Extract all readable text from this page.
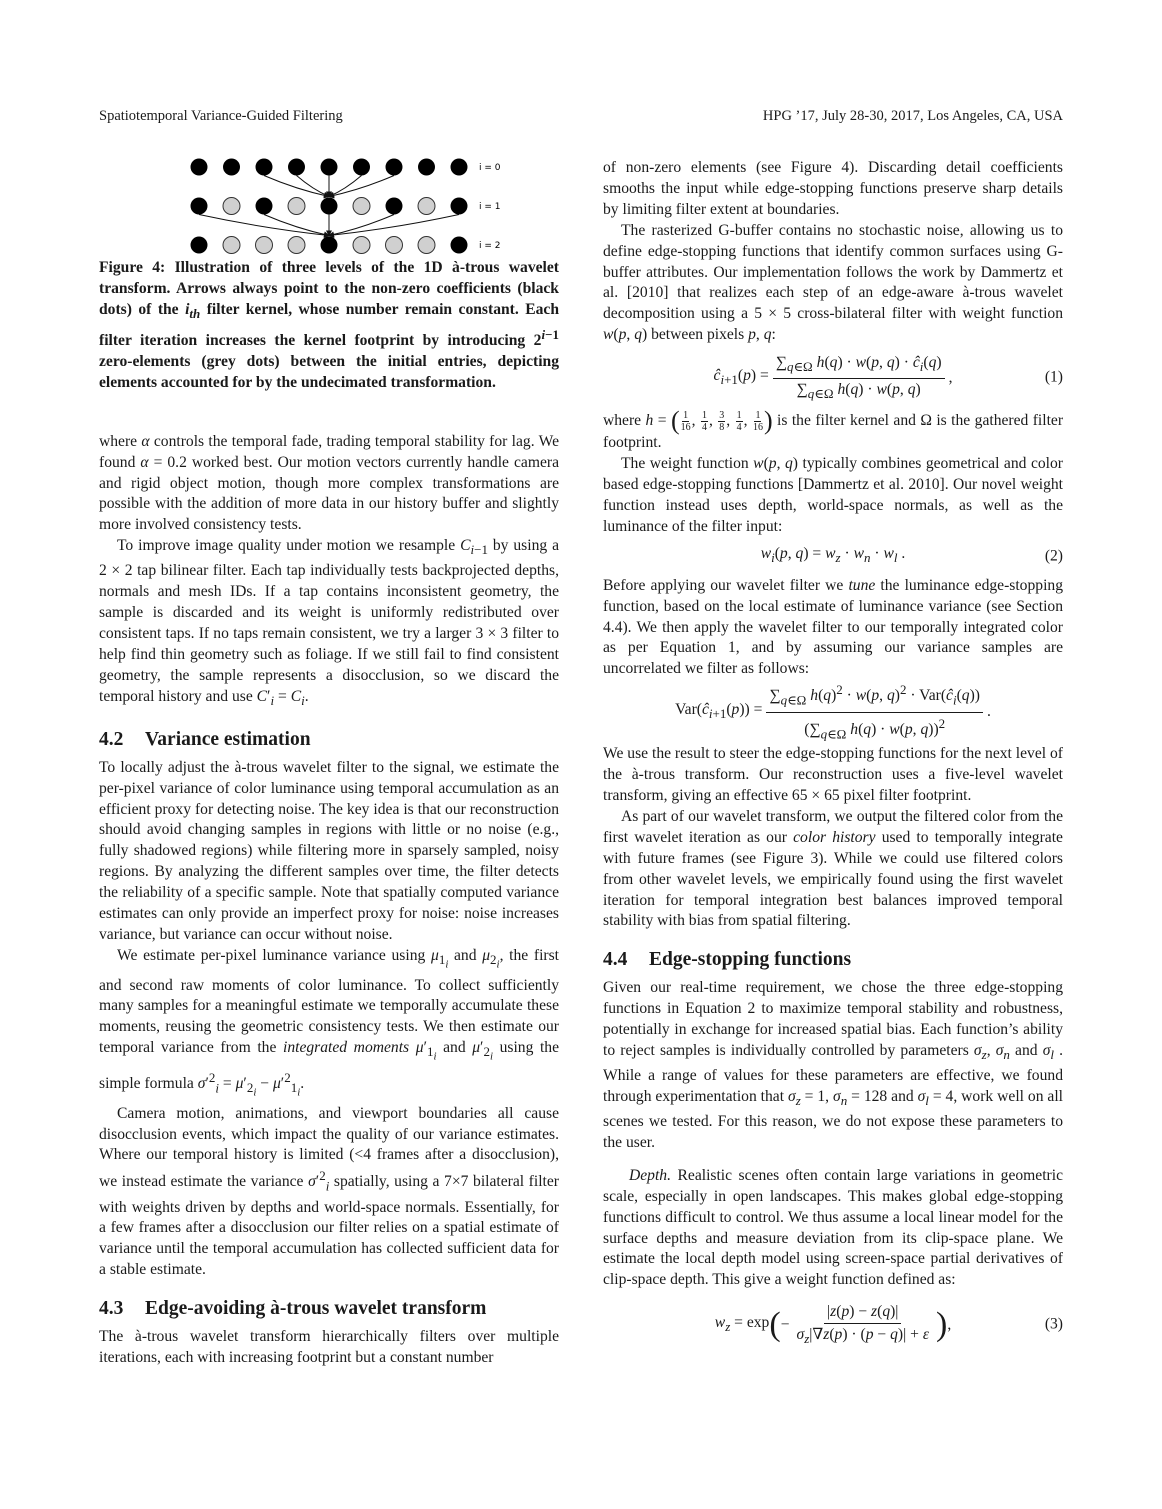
Spatiotemporal Variance-Guided Filtering	HPG ’17, July 28-30, 2017, Los Angeles, CA, USA
i = 0
i = 1
i = 2
Figure 4: Illustration of three levels of the 1D à-trous wavelet transform. Arrows always point to the non-zero coefficients (black dots) of the $i_{th}$ filter kernel, whose number remain constant. Each filter iteration increases the kernel footprint by introducing $2^{i-1}$ zero-elements (grey dots) between the initial entries, depicting elements accounted for by the undecimated transformation.

where α controls the temporal fade, trading temporal stability for lag. We found α = 0.2 worked best. Our motion vectors currently handle camera and rigid object motion, though more complex transformations are possible with the addition of more data in our history buffer and slightly more involved consistency tests.

To improve image quality under motion we resample $C_{i-1}$ by using a 2 × 2 tap bilinear filter. Each tap individually tests backprojected depths, normals and mesh IDs. If a tap contains inconsistent geometry, the sample is discarded and its weight is uniformly redistributed over consistent taps. If no taps remain consistent, we try a larger 3 × 3 filter to help find thin geometry such as foliage. If we still fail to find consistent geometry, the sample represents a disocclusion, so we discard the temporal history and use $C'_i = C_i$.

4.2 Variance estimation

To locally adjust the à-trous wavelet filter to the signal, we estimate the per-pixel variance of color luminance using temporal accumulation as an efficient proxy for detecting noise. The key idea is that our reconstruction should avoid changing samples in regions with little or no noise (e.g., fully shadowed regions) while filtering more in sparsely sampled, noisy regions. By analyzing the different samples over time, the filter detects the reliability of a specific sample. Note that spatially computed variance estimates can only provide an imperfect proxy for noise: noise increases variance, but variance can occur without noise.

We estimate per-pixel luminance variance using $\mu_{1_i}$ and $\mu_{2_i}$, the first and second raw moments of color luminance. To collect sufficiently many samples for a meaningful estimate we temporally accumulate these moments, reusing the geometric consistency tests. We then estimate our temporal variance from the integrated moments $\mu'_{1_i}$ and $\mu'_{2_i}$ using the simple formula $\sigma'^2_i = \mu'_{2_i} - \mu'^2_{1_i}$.

Camera motion, animations, and viewport boundaries all cause disocclusion events, which impact the quality of our variance estimates. Where our temporal history is limited (<4 frames after a disocclusion), we instead estimate the variance $\sigma'^2_i$ spatially, using a 7×7 bilateral filter with weights driven by depths and world-space normals. Essentially, for a few frames after a disocclusion our filter relies on a spatial estimate of variance until the temporal accumulation has collected sufficient data for a stable estimate.

4.3 Edge-avoiding à-trous wavelet transform

The à-trous wavelet transform hierarchically filters over multiple iterations, each with increasing footprint but a constant number

of non-zero elements (see Figure 4). Discarding detail coefficients smooths the input while edge-stopping functions preserve sharp details by limiting filter extent at boundaries.

The rasterized G-buffer contains no stochastic noise, allowing us to define edge-stopping functions that identify common surfaces using G-buffer attributes. Our implementation follows the work by Dammertz et al. [2010] that realizes each step of an edge-aware à-trous wavelet decomposition using a 5 × 5 cross-bilateral filter with weight function w(p, q) between pixels p, q:

$ĉ_{i+1}(p) = \frac{\sum_{q\in\Omega} h(q) \cdot w(p, q) \cdot ĉ_i(q)}{\sum_{q\in\Omega} h(q) \cdot w(p, q)}$ ,	(1)

where h = ( $\frac{1}{16}$ , $\frac{1}{4}$ , $\frac{3}{8}$ , $\frac{1}{4}$ , $\frac{1}{16}$ ) is the filter kernel and Ω is the gathered filter footprint.

The weight function w(p, q) typically combines geometrical and color based edge-stopping functions [Dammertz et al. 2010]. Our novel weight function instead uses depth, world-space normals, as well as the luminance of the filter input:

$w_i(p$, $q) = w_z \cdot w_n \cdot w_l$ .	(2)

Before applying our wavelet filter we tune the luminance edge-stopping function, based on the local estimate of luminance variance (see Section 4.4). We then apply the wavelet filter to our temporally integrated color as per Equation 1, and by assuming our variance samples are uncorrelated we filter as follows:

$Var(ĉ_{i+1}(p)) = \frac{\sum_{q\in\Omega} h(q)^2 \cdot w(p, q)^2 \cdot Var(ĉ_i(q))}{(\sum_{q\in\Omega} h(q) \cdot w(p, q))^2}$ .

We use the result to steer the edge-stopping functions for the next level of the à-trous transform. Our reconstruction uses a five-level wavelet transform, giving an effective 65 × 65 pixel filter footprint.

As part of our wavelet transform, we output the filtered color from the first wavelet iteration as our color history used to temporally integrate with future frames (see Figure 3). While we could use filtered colors from other wavelet levels, we empirically found using the first wavelet iteration for temporal integration best balances improved temporal stability with bias from spatial filtering.

4.4 Edge-stopping functions

Given our real-time requirement, we chose the three edge-stopping functions in Equation 2 to maximize temporal stability and robustness, potentially in exchange for increased spatial bias. Each function’s ability to reject samples is individually controlled by parameters $\sigma_z$, $\sigma_n$ and $\sigma_l$ . While a range of values for these parameters are effective, we found through experimentation that $\sigma_z = 1$, $\sigma_n = 128$ and $\sigma_l = 4$, work well on all scenes we tested. For this reason, we do not expose these parameters to the user.

Depth. Realistic scenes often contain large variations in geometric scale, especially in open landscapes. This makes global edge-stopping functions difficult to control. We thus assume a local linear model for the surface depths and measure deviation from its clip-space plane. We estimate the local depth model using screen-space partial derivatives of clip-space depth. This give a weight function defined as:

$w_z = \exp$ ( − $\frac{|z(p) - z(q)|}{\sigma_z|\nabla z(p) \cdot (p - q)| + \varepsilon}$ ) ,	(3)
